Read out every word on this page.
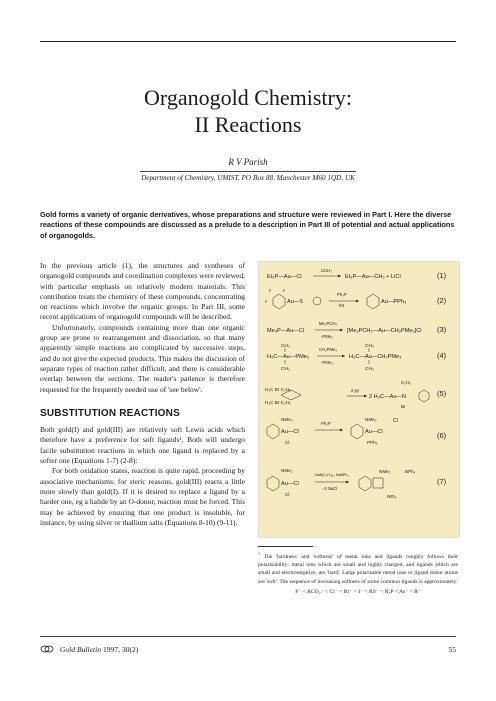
Organogold Chemistry:
II Reactions
R V Parish
Department of Chemistry, UMIST, PO Box 88, Manchester M60 1QD, UK
Gold forms a variety of organic derivatives, whose preparations and structure were reviewed in Part I. Here the diverse reactions of these compounds are discussed as a prelude to a description in Part III of potential and actual applications of organogolds.

In the previous article (1), the structures and syntheses of organogold compounds and coordination complexes were reviewed, with particular emphasis on relatively modern materials. This contribution treats the chemistry of these compounds, concentrating on reactions which involve the organic groups. In Part III, some recent applications of organogold compounds will be described.

Unfortunately, compounds containing more than one organic group are prone to rearrangement and dissociation, so that many apparently simple reactions are complicated by successive steps, and do not give the expected products. This makes the discussion of separate types of reaction rather difficult, and there is considerable overlap between the sections. The reader's patience is therefore requested for the frequently needed use of 'see below'.

SUBSTITUTION REACTIONS

Both gold(I) and gold(III) are relatively soft Lewis acids which therefore have a preference for soft ligands¹. Both will undergo facile substitution reactions in which one ligand is replaced by a softer one (Equations 1-7) (2-8):

For both oxidation states, reaction is quite rapid, proceeding by associative mechanisms; for steric reasons, gold(III) reacts a little more slowly than gold(I). If it is desired to replace a ligand by a harder one, eg a halide by an O-donor, reaction must be forced. This may be achieved by ensuring that one product is insoluble, for instance, by using silver or thallium salts (Equations 8-10) (9-11).

Et₃P—Au—Cl
LiCH₃
Et₃P—Au—CH₃ + LiCl	(1)
F	F
F	Au—S
Ph₃P
-tht
Au—PPh₃	(2)
Me₃P—Au—Cl
Me₃PCH₂
-PMe₃
[Me₃PCH₂—Au—CH₂PMe₃]Cl (3)
CH₃
H₃C—Au—PMe₃
CH₃
CH₂PMe₃
-PMe₃
CH₃
H₃C—Au—CH₂PMe₃
CH₃
(4)
H₃C Br C₂H₅
H₃C Br C₂H₅
2 py
C₂H₅
2 H₃C—Au—N
Br
(5)
NMe₂
Au—Cl
Cl
Ph₃P
NMe₂
Au—Cl
PPh₃
Cl
(6)
NMe₂
Au—Cl
Cl
NaB(C₆H₅)₄, NaBPh₄
-2 NaCl
NMe₂	BPh₄
NEt₂
(7)
$^1$ The 'hardness' and 'softness' of metal ions and ligands roughly follows their polarisability: metal ions which are small and highly charged, and ligands which are small and electronegative, are 'hard'. Large polarisable metal ions or ligand donor atoms are 'soft'. The sequence of increasing softness of some common ligands is approximately:
F⁻ < RCO₂⁻ < Cl⁻ < Br⁻ < I⁻ < RS⁻ < R₃P < As⁻ < R⁻
Gold Bulletin 1997, 30(2)	55
